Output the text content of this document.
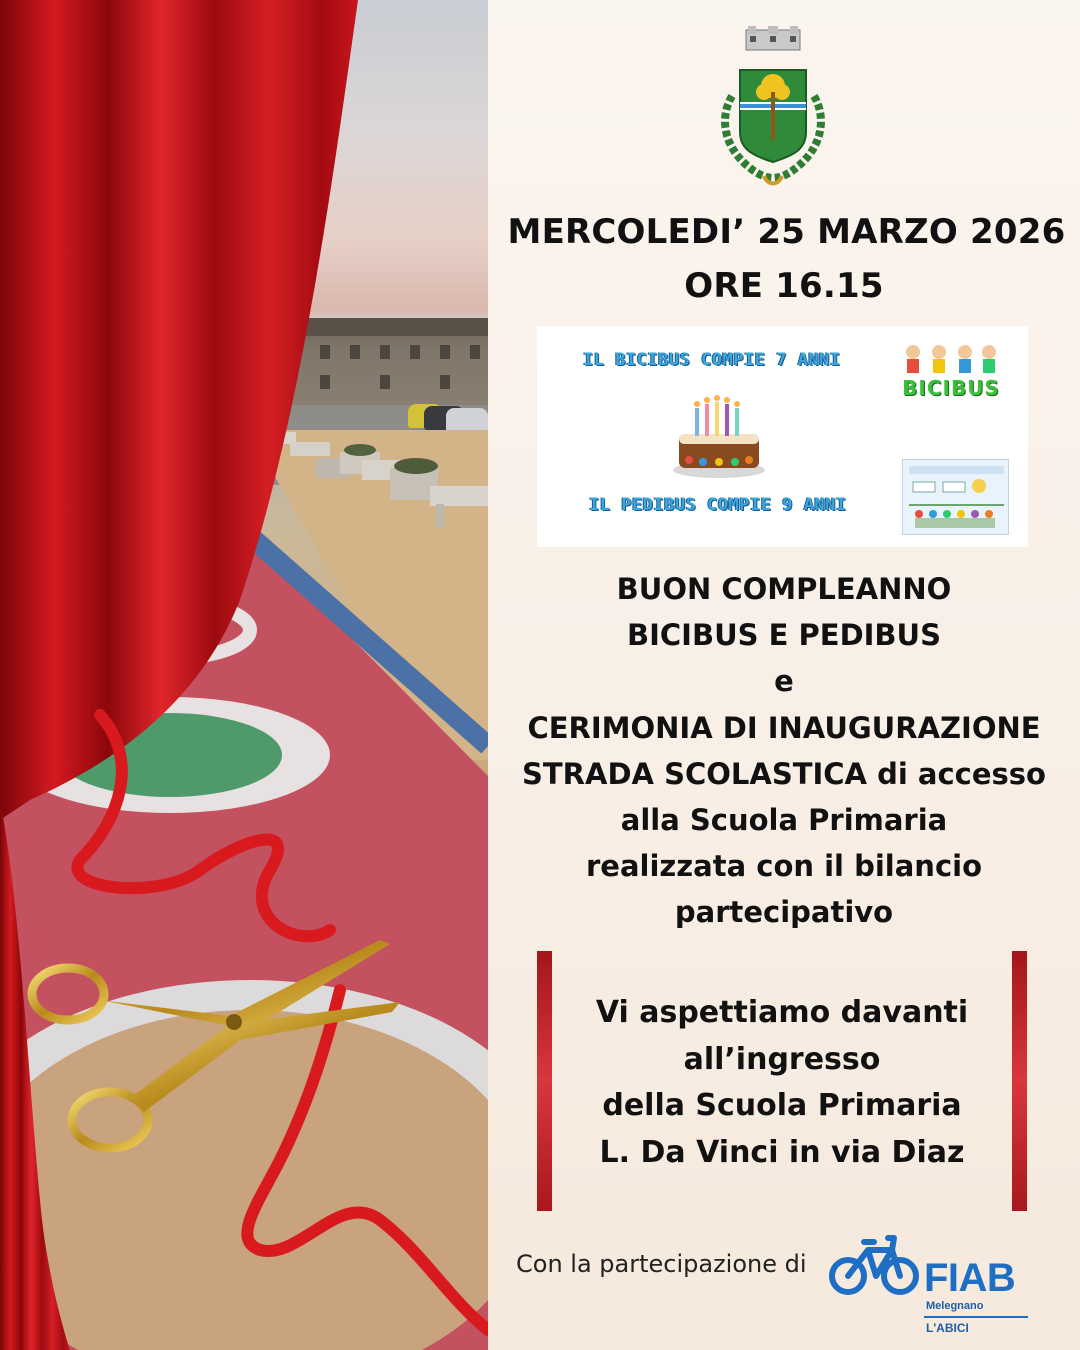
MERCOLEDI’ 25 MARZO 2026
ORE 16.15
IL BICIBUS COMPIE 7 ANNI
BICIBUS
IL PEDIBUS COMPIE 9 ANNI
BUON COMPLEANNO
BICIBUS E PEDIBUS
e
CERIMONIA DI INAUGURAZIONE
STRADA SCOLASTICA di accesso
alla Scuola Primaria
realizzata con il bilancio
partecipativo
Vi aspettiamo davanti
all’ingresso
della Scuola Primaria
L. Da Vinci in via Diaz
Con la partecipazione di	FIAB
Melegnano
L'ABICI
